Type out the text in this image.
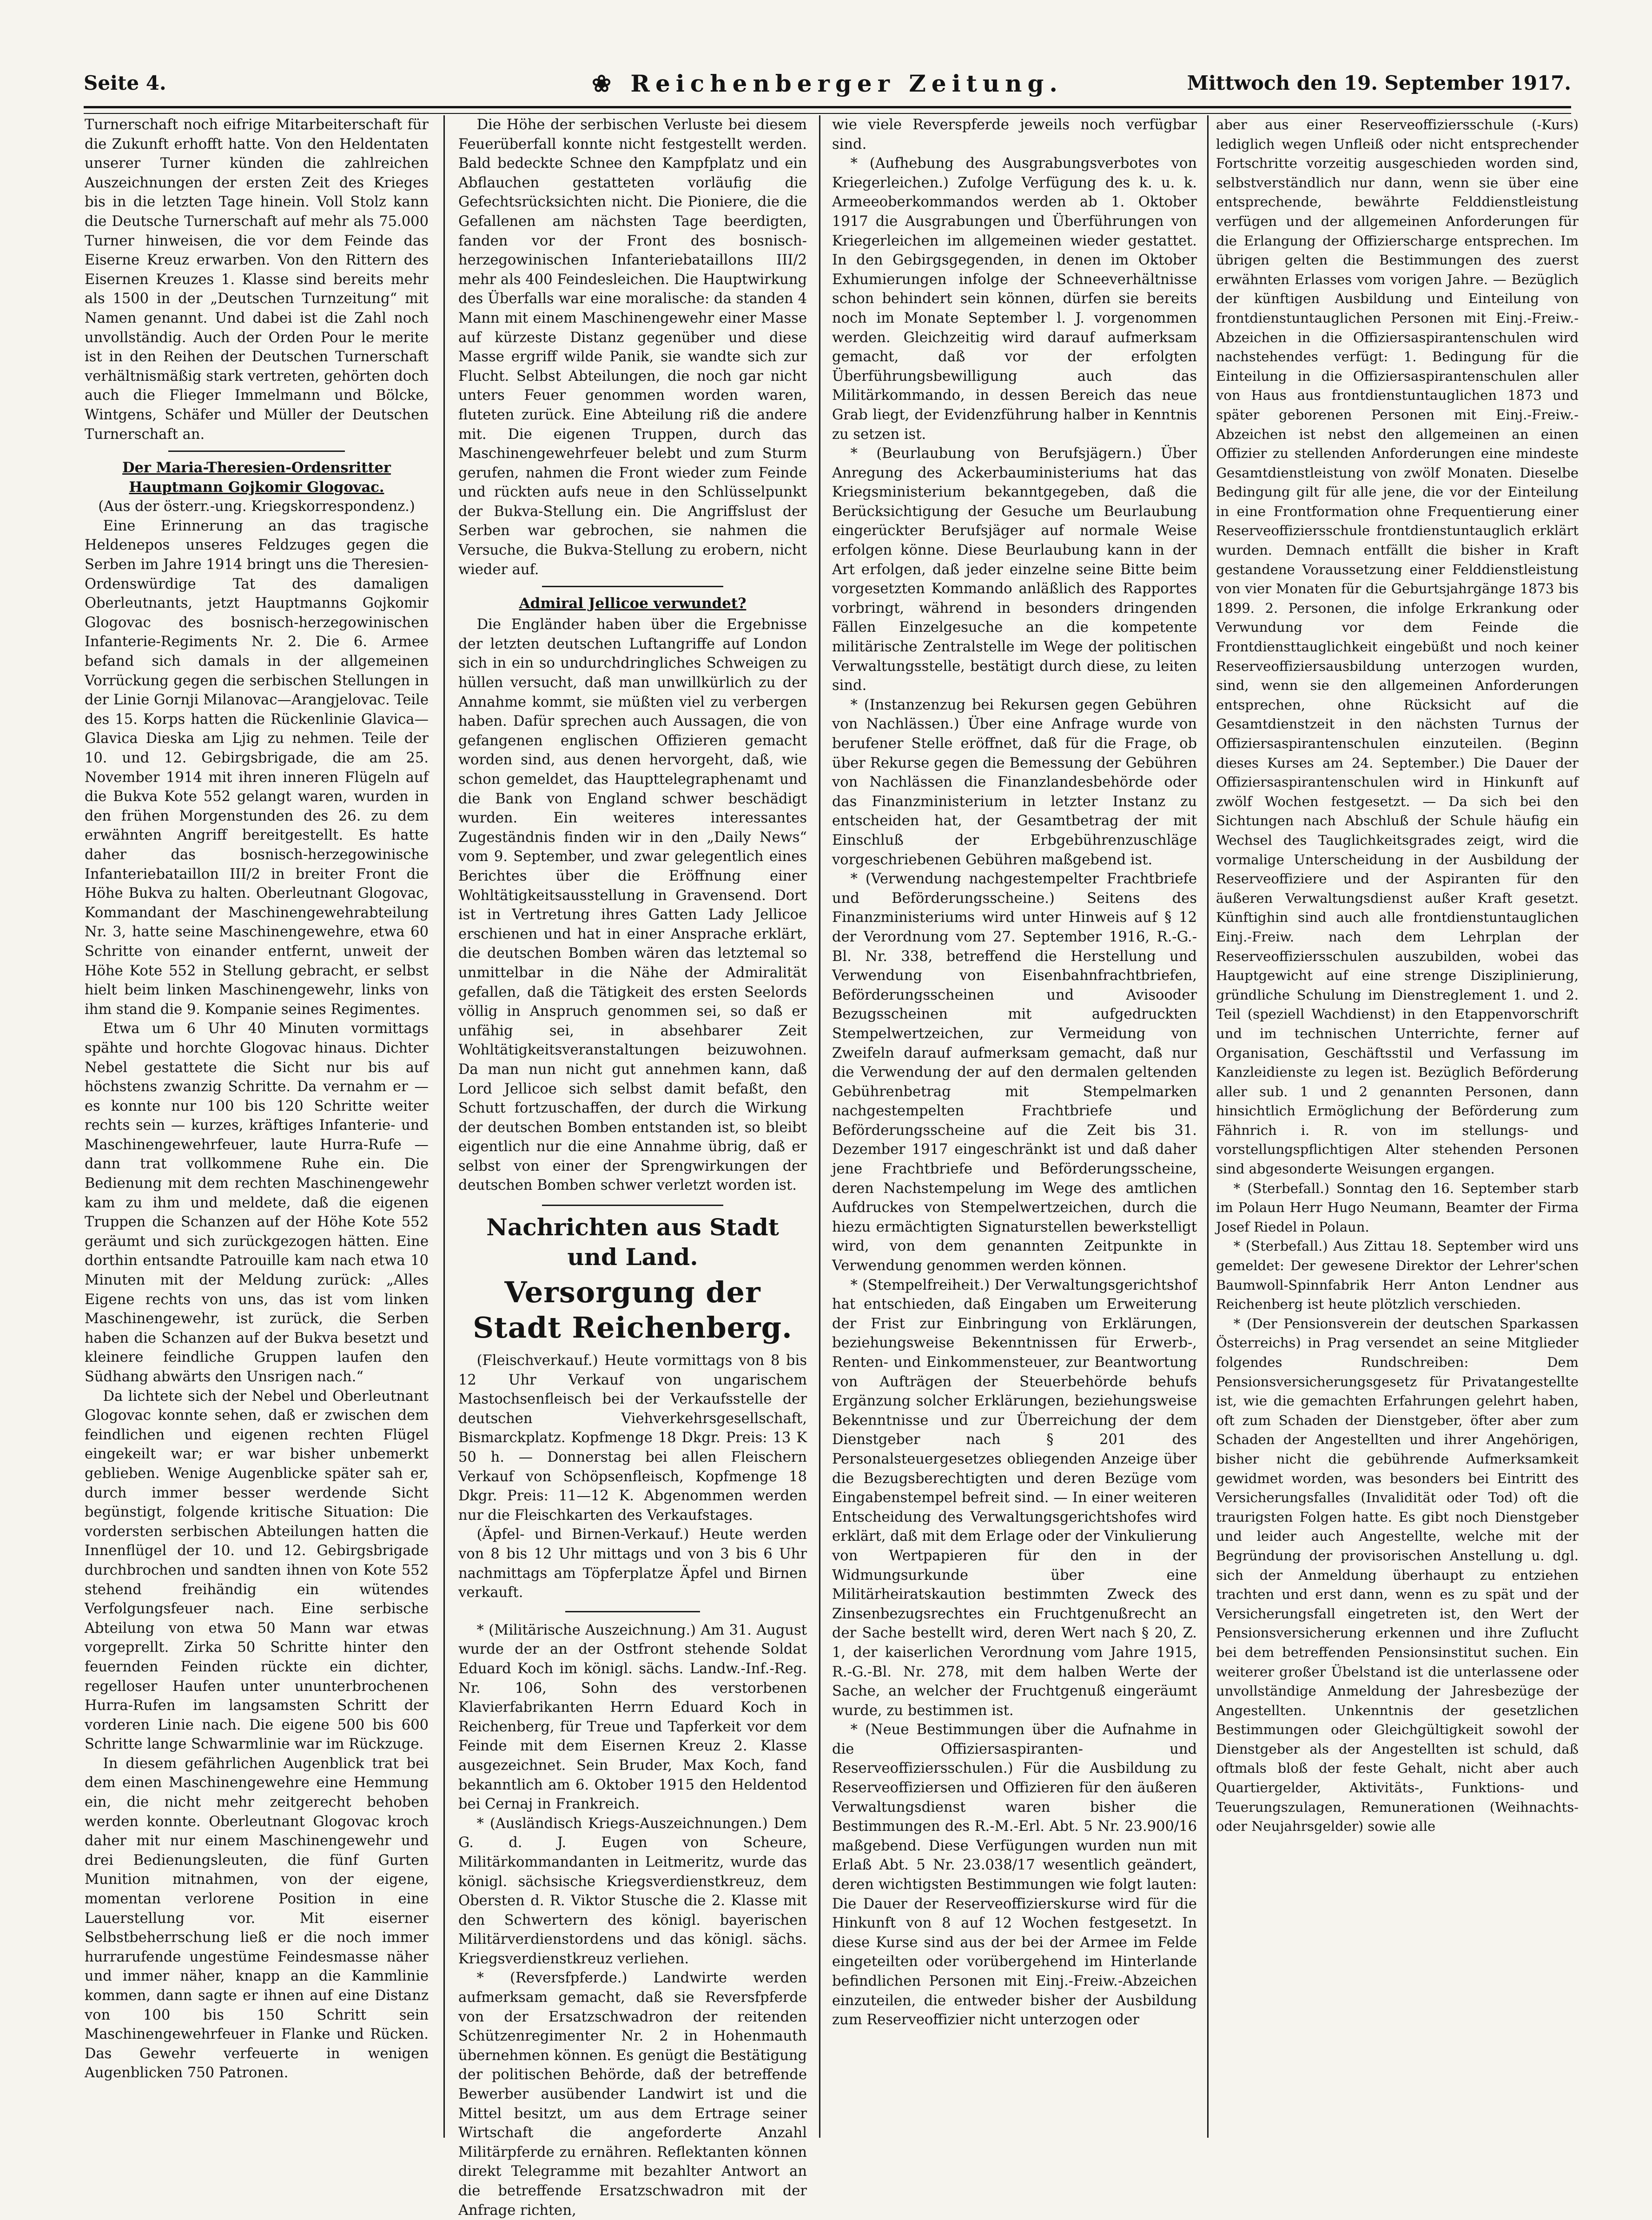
Seite 4.	❀ Reichenberger Zeitung.	Mittwoch den 19. September 1917.

Turnerschaft noch eifrige Mitarbeiterschaft für die Zukunft erhofft hatte. Von den Heldentaten unserer Turner künden die zahlreichen Auszeichnungen der ersten Zeit des Krieges bis in die letzten Tage hinein. Voll Stolz kann die Deutsche Turnerschaft auf mehr als 75.000 Turner hinweisen, die vor dem Feinde das Eiserne Kreuz erwarben. Von den Rittern des Eisernen Kreuzes 1. Klasse sind bereits mehr als 1500 in der „Deutschen Turnzeitung“ mit Namen genannt. Und dabei ist die Zahl noch unvollständig. Auch der Orden Pour le merite ist in den Reihen der Deutschen Turnerschaft verhältnismäßig stark vertreten, gehörten doch auch die Flieger Immelmann und Bölcke, Wintgens, Schäfer und Müller der Deutschen Turnerschaft an.

Der Maria-Theresien-Ordensritter Hauptmann Gojkomir Glogovac.

(Aus der österr.-ung. Kriegskorrespondenz.)

Eine Erinnerung an das tragische Heldenepos unseres Feldzuges gegen die Serben im Jahre 1914 bringt uns die Theresien-Ordenswürdige Tat des damaligen Oberleutnants, jetzt Hauptmanns Gojkomir Glogovac des bosnisch-herzegowinischen Infanterie-Regiments Nr. 2. Die 6. Armee befand sich damals in der allgemeinen Vorrückung gegen die serbischen Stellungen in der Linie Gornji Milanovac—Arangjelovac. Teile des 15. Korps hatten die Rückenlinie Glavica—Glavica Dieska am Ljig zu nehmen. Teile der 10. und 12. Gebirgsbrigade, die am 25. November 1914 mit ihren inneren Flügeln auf die Bukva Kote 552 gelangt waren, wurden in den frühen Morgenstunden des 26. zu dem erwähnten Angriff bereitgestellt. Es hatte daher das bosnisch-herzegowinische Infanteriebataillon III/2 in breiter Front die Höhe Bukva zu halten. Oberleutnant Glogovac, Kommandant der Maschinengewehrabteilung Nr. 3, hatte seine Maschinengewehre, etwa 60 Schritte von einander entfernt, unweit der Höhe Kote 552 in Stellung gebracht, er selbst hielt beim linken Maschinengewehr, links von ihm stand die 9. Kompanie seines Regimentes.

Etwa um 6 Uhr 40 Minuten vormittags spähte und horchte Glogovac hinaus. Dichter Nebel gestattete die Sicht nur bis auf höchstens zwanzig Schritte. Da vernahm er — es konnte nur 100 bis 120 Schritte weiter rechts sein — kurzes, kräftiges Infanterie- und Maschinengewehrfeuer, laute Hurra-Rufe — dann trat vollkommene Ruhe ein. Die Bedienung mit dem rechten Maschinengewehr kam zu ihm und meldete, daß die eigenen Truppen die Schanzen auf der Höhe Kote 552 geräumt und sich zurückgezogen hätten. Eine dorthin entsandte Patrouille kam nach etwa 10 Minuten mit der Meldung zurück: „Alles Eigene rechts von uns, das ist vom linken Maschinengewehr, ist zurück, die Serben haben die Schanzen auf der Bukva besetzt und kleinere feindliche Gruppen laufen den Südhang abwärts den Unsrigen nach.“

Da lichtete sich der Nebel und Oberleutnant Glogovac konnte sehen, daß er zwischen dem feindlichen und eigenen rechten Flügel eingekeilt war; er war bisher unbemerkt geblieben. Wenige Augenblicke später sah er, durch immer besser werdende Sicht begünstigt, folgende kritische Situation: Die vordersten serbischen Abteilungen hatten die Innenflügel der 10. und 12. Gebirgsbrigade durchbrochen und sandten ihnen von Kote 552 stehend freihändig ein wütendes Verfolgungsfeuer nach. Eine serbische Abteilung von etwa 50 Mann war etwas vorgeprellt. Zirka 50 Schritte hinter den feuernden Feinden rückte ein dichter, regelloser Haufen unter ununterbrochenen Hurra-Rufen im langsamsten Schritt der vorderen Linie nach. Die eigene 500 bis 600 Schritte lange Schwarmlinie war im Rückzuge.

In diesem gefährlichen Augenblick trat bei dem einen Maschinengewehre eine Hemmung ein, die nicht mehr zeitgerecht behoben werden konnte. Oberleutnant Glogovac kroch daher mit nur einem Maschinengewehr und drei Bedienungsleuten, die fünf Gurten Munition mitnahmen, von der eigene, momentan verlorene Position in eine Lauerstellung vor. Mit eiserner Selbstbeherrschung ließ er die noch immer hurrarufende ungestüme Feindesmasse näher und immer näher, knapp an die Kammlinie kommen, dann sagte er ihnen auf eine Distanz von 100 bis 150 Schritt sein Maschinengewehrfeuer in Flanke und Rücken. Das Gewehr verfeuerte in wenigen Augenblicken 750 Patronen.

Die Höhe der serbischen Verluste bei diesem Feuerüberfall konnte nicht festgestellt werden. Bald bedeckte Schnee den Kampfplatz und ein Abflauchen gestatteten vorläufig die Gefechtsrücksichten nicht. Die Pioniere, die die Gefallenen am nächsten Tage beerdigten, fanden vor der Front des bosnisch-herzegowinischen Infanteriebataillons III/2 mehr als 400 Feindesleichen. Die Hauptwirkung des Überfalls war eine moralische: da standen 4 Mann mit einem Maschinengewehr einer Masse auf kürzeste Distanz gegenüber und diese Masse ergriff wilde Panik, sie wandte sich zur Flucht. Selbst Abteilungen, die noch gar nicht unters Feuer genommen worden waren, fluteten zurück. Eine Abteilung riß die andere mit. Die eigenen Truppen, durch das Maschinengewehrfeuer belebt und zum Sturm gerufen, nahmen die Front wieder zum Feinde und rückten aufs neue in den Schlüsselpunkt der Bukva-Stellung ein. Die Angriffslust der Serben war gebrochen, sie nahmen die Versuche, die Bukva-Stellung zu erobern, nicht wieder auf.

Admiral Jellicoe verwundet?

Die Engländer haben über die Ergebnisse der letzten deutschen Luftangriffe auf London sich in ein so undurchdringliches Schweigen zu hüllen versucht, daß man unwillkürlich zu der Annahme kommt, sie müßten viel zu verbergen haben. Dafür sprechen auch Aussagen, die von gefangenen englischen Offizieren gemacht worden sind, aus denen hervorgeht, daß, wie schon gemeldet, das Haupttelegraphenamt und die Bank von England schwer beschädigt wurden. Ein weiteres interessantes Zugeständnis finden wir in den „Daily News“ vom 9. September, und zwar gelegentlich eines Berichtes über die Eröffnung einer Wohltätigkeitsausstellung in Gravensend. Dort ist in Vertretung ihres Gatten Lady Jellicoe erschienen und hat in einer Ansprache erklärt, die deutschen Bomben wären das letztemal so unmittelbar in die Nähe der Admiralität gefallen, daß die Tätigkeit des ersten Seelords völlig in Anspruch genommen sei, so daß er unfähig sei, in absehbarer Zeit Wohltätigkeitsveranstaltungen beizuwohnen. Da man nun nicht gut annehmen kann, daß Lord Jellicoe sich selbst damit befaßt, den Schutt fortzuschaffen, der durch die Wirkung der deutschen Bomben entstanden ist, so bleibt eigentlich nur die eine Annahme übrig, daß er selbst von einer der Sprengwirkungen der deutschen Bomben schwer verletzt worden ist.

Nachrichten aus Stadt und Land.
Versorgung der Stadt Reichenberg.

(Fleischverkauf.) Heute vormittags von 8 bis 12 Uhr Verkauf von ungarischem Mastochsenfleisch bei der Verkaufsstelle der deutschen Viehverkehrsgesellschaft, Bismarckplatz. Kopfmenge 18 Dkgr. Preis: 13 K 50 h. — Donnerstag bei allen Fleischern Verkauf von Schöpsenfleisch, Kopfmenge 18 Dkgr. Preis: 11—12 K. Abgenommen werden nur die Fleischkarten des Verkaufstages.

(Äpfel- und Birnen-Verkauf.) Heute werden von 8 bis 12 Uhr mittags und von 3 bis 6 Uhr nachmittags am Töpferplatze Äpfel und Birnen verkauft.

* (Militärische Auszeichnung.) Am 31. August wurde der an der Ostfront stehende Soldat Eduard Koch im königl. sächs. Landw.-Inf.-Reg. Nr. 106, Sohn des verstorbenen Klavierfabrikanten Herrn Eduard Koch in Reichenberg, für Treue und Tapferkeit vor dem Feinde mit dem Eisernen Kreuz 2. Klasse ausgezeichnet. Sein Bruder, Max Koch, fand bekanntlich am 6. Oktober 1915 den Heldentod bei Cernaj in Frankreich.

* (Ausländisch Kriegs-Auszeichnungen.) Dem G. d. J. Eugen von Scheure, Militärkommandanten in Leitmeritz, wurde das königl. sächsische Kriegsverdienstkreuz, dem Obersten d. R. Viktor Stusche die 2. Klasse mit den Schwertern des königl. bayerischen Militärverdienstordens und das königl. sächs. Kriegsverdienstkreuz verliehen.

* (Reversfpferde.) Landwirte werden aufmerksam gemacht, daß sie Reversfpferde von der Ersatzschwadron der reitenden Schützenregimenter Nr. 2 in Hohenmauth übernehmen können. Es genügt die Bestätigung der politischen Behörde, daß der betreffende Bewerber ausübender Landwirt ist und die Mittel besitzt, um aus dem Ertrage seiner Wirtschaft die angeforderte Anzahl Militärpferde zu ernähren. Reflektanten können direkt Telegramme mit bezahlter Antwort an die betreffende Ersatzschwadron mit der Anfrage richten,

wie viele Reverspferde jeweils noch verfügbar sind.

* (Aufhebung des Ausgrabungsverbotes von Kriegerleichen.) Zufolge Verfügung des k. u. k. Armeeoberkommandos werden ab 1. Oktober 1917 die Ausgrabungen und Überführungen von Kriegerleichen im allgemeinen wieder gestattet. In den Gebirgsgegenden, in denen im Oktober Exhumierungen infolge der Schneeverhältnisse schon behindert sein können, dürfen sie bereits noch im Monate September l. J. vorgenommen werden. Gleichzeitig wird darauf aufmerksam gemacht, daß vor der erfolgten Überführungsbewilligung auch das Militärkommando, in dessen Bereich das neue Grab liegt, der Evidenzführung halber in Kenntnis zu setzen ist.

* (Beurlaubung von Berufsjägern.) Über Anregung des Ackerbauministeriums hat das Kriegsministerium bekanntgegeben, daß die Berücksichtigung der Gesuche um Beurlaubung eingerückter Berufsjäger auf normale Weise erfolgen könne. Diese Beurlaubung kann in der Art erfolgen, daß jeder einzelne seine Bitte beim vorgesetzten Kommando anläßlich des Rapportes vorbringt, während in besonders dringenden Fällen Einzelgesuche an die kompetente militärische Zentralstelle im Wege der politischen Verwaltungsstelle, bestätigt durch diese, zu leiten sind.

* (Instanzenzug bei Rekursen gegen Gebühren von Nachlässen.) Über eine Anfrage wurde von berufener Stelle eröffnet, daß für die Frage, ob über Rekurse gegen die Bemessung der Gebühren von Nachlässen die Finanzlandesbehörde oder das Finanzministerium in letzter Instanz zu entscheiden hat, der Gesamtbetrag der mit Einschluß der Erbgebührenzuschläge vorgeschriebenen Gebühren maßgebend ist.

* (Verwendung nachgestempelter Frachtbriefe und Beförderungsscheine.) Seitens des Finanzministeriums wird unter Hinweis auf § 12 der Verordnung vom 27. September 1916, R.-G.-Bl. Nr. 338, betreffend die Herstellung und Verwendung von Eisenbahnfrachtbriefen, Beförderungsscheinen und Avisooder Bezugsscheinen mit aufgedruckten Stempelwertzeichen, zur Vermeidung von Zweifeln darauf aufmerksam gemacht, daß nur die Verwendung der auf den dermalen geltenden Gebührenbetrag mit Stempelmarken nachgestempelten Frachtbriefe und Beförderungsscheine auf die Zeit bis 31. Dezember 1917 eingeschränkt ist und daß daher jene Frachtbriefe und Beförderungsscheine, deren Nachstempelung im Wege des amtlichen Aufdruckes von Stempelwertzeichen, durch die hiezu ermächtigten Signaturstellen bewerkstelligt wird, von dem genannten Zeitpunkte in Verwendung genommen werden können.

* (Stempelfreiheit.) Der Verwaltungsgerichtshof hat entschieden, daß Eingaben um Erweiterung der Frist zur Einbringung von Erklärungen, beziehungsweise Bekenntnissen für Erwerb-, Renten- und Einkommensteuer, zur Beantwortung von Aufträgen der Steuerbehörde behufs Ergänzung solcher Erklärungen, beziehungsweise Bekenntnisse und zur Überreichung der dem Dienstgeber nach § 201 des Personalsteuergesetzes obliegenden Anzeige über die Bezugsberechtigten und deren Bezüge vom Eingabenstempel befreit sind. — In einer weiteren Entscheidung des Verwaltungsgerichtshofes wird erklärt, daß mit dem Erlage oder der Vinkulierung von Wertpapieren für den in der Widmungsurkunde über eine Militärheiratskaution bestimmten Zweck des Zinsenbezugsrechtes ein Fruchtgenußrecht an der Sache bestellt wird, deren Wert nach § 20, Z. 1, der kaiserlichen Verordnung vom Jahre 1915, R.-G.-Bl. Nr. 278, mit dem halben Werte der Sache, an welcher der Fruchtgenuß eingeräumt wurde, zu bestimmen ist.

* (Neue Bestimmungen über die Aufnahme in die Offiziersaspiranten- und Reserveoffiziersschulen.) Für die Ausbildung zu Reserveoffiziersen und Offizieren für den äußeren Verwaltungsdienst waren bisher die Bestimmungen des R.-M.-Erl. Abt. 5 Nr. 23.900/16 maßgebend. Diese Verfügungen wurden nun mit Erlaß Abt. 5 Nr. 23.038/17 wesentlich geändert, deren wichtigsten Bestimmungen wie folgt lauten: Die Dauer der Reserveoffizierskurse wird für die Hinkunft von 8 auf 12 Wochen festgesetzt. In diese Kurse sind aus der bei der Armee im Felde eingeteilten oder vorübergehend im Hinterlande befindlichen Personen mit Einj.-Freiw.-Abzeichen einzuteilen, die entweder bisher der Ausbildung zum Reserveoffizier nicht unterzogen oder

aber aus einer Reserveoffiziersschule (-Kurs) lediglich wegen Unfleiß oder nicht entsprechender Fortschritte vorzeitig ausgeschieden worden sind, selbstverständlich nur dann, wenn sie über eine entsprechende, bewährte Felddienstleistung verfügen und der allgemeinen Anforderungen für die Erlangung der Offizierscharge entsprechen. Im übrigen gelten die Bestimmungen des zuerst erwähnten Erlasses vom vorigen Jahre. — Bezüglich der künftigen Ausbildung und Einteilung von frontdienstuntauglichen Personen mit Einj.-Freiw.-Abzeichen in die Offiziersaspirantenschulen wird nachstehendes verfügt: 1. Bedingung für die Einteilung in die Offiziersaspirantenschulen aller von Haus aus frontdienstuntauglichen 1873 und später geborenen Personen mit Einj.-Freiw.-Abzeichen ist nebst den allgemeinen an einen Offizier zu stellenden Anforderungen eine mindeste Gesamtdienstleistung von zwölf Monaten. Dieselbe Bedingung gilt für alle jene, die vor der Einteilung in eine Frontformation ohne Frequentierung einer Reserveoffiziersschule frontdienstuntauglich erklärt wurden. Demnach entfällt die bisher in Kraft gestandene Voraussetzung einer Felddienstleistung von vier Monaten für die Geburtsjahrgänge 1873 bis 1899. 2. Personen, die infolge Erkrankung oder Verwundung vor dem Feinde die Frontdiensttauglichkeit eingebüßt und noch keiner Reserveoffiziersausbildung unterzogen wurden, sind, wenn sie den allgemeinen Anforderungen entsprechen, ohne Rücksicht auf die Gesamtdienstzeit in den nächsten Turnus der Offiziersaspirantenschulen einzuteilen. (Beginn dieses Kurses am 24. September.) Die Dauer der Offiziersaspirantenschulen wird in Hinkunft auf zwölf Wochen festgesetzt. — Da sich bei den Sichtungen nach Abschluß der Schule häufig ein Wechsel des Tauglichkeitsgrades zeigt, wird die vormalige Unterscheidung in der Ausbildung der Reserveoffiziere und der Aspiranten für den äußeren Verwaltungsdienst außer Kraft gesetzt. Künftighin sind auch alle frontdienstuntauglichen Einj.-Freiw. nach dem Lehrplan der Reserveoffiziersschulen auszubilden, wobei das Hauptgewicht auf eine strenge Disziplinierung, gründliche Schulung im Dienstreglement 1. und 2. Teil (speziell Wachdienst) in den Etappenvorschrift und im technischen Unterrichte, ferner auf Organisation, Geschäftsstil und Verfassung im Kanzleidienste zu legen ist. Bezüglich Beförderung aller sub. 1 und 2 genannten Personen, dann hinsichtlich Ermöglichung der Beförderung zum Fähnrich i. R. von im stellungs- und vorstellungspflichtigen Alter stehenden Personen sind abgesonderte Weisungen ergangen.

* (Sterbefall.) Sonntag den 16. September starb im Polaun Herr Hugo Neumann, Beamter der Firma Josef Riedel in Polaun.

* (Sterbefall.) Aus Zittau 18. September wird uns gemeldet: Der gewesene Direktor der Lehrer'schen Baumwoll-Spinnfabrik Herr Anton Lendner aus Reichenberg ist heute plötzlich verschieden.

* (Der Pensionsverein der deutschen Sparkassen Österreichs) in Prag versendet an seine Mitglieder folgendes Rundschreiben: Dem Pensionsversicherungsgesetz für Privatangestellte ist, wie die gemachten Erfahrungen gelehrt haben, oft zum Schaden der Dienstgeber, öfter aber zum Schaden der Angestellten und ihrer Angehörigen, bisher nicht die gebührende Aufmerksamkeit gewidmet worden, was besonders bei Eintritt des Versicherungsfalles (Invalidität oder Tod) oft die traurigsten Folgen hatte. Es gibt noch Dienstgeber und leider auch Angestellte, welche mit der Begründung der provisorischen Anstellung u. dgl. sich der Anmeldung überhaupt zu entziehen trachten und erst dann, wenn es zu spät und der Versicherungsfall eingetreten ist, den Wert der Pensionsversicherung erkennen und ihre Zuflucht bei dem betreffenden Pensionsinstitut suchen. Ein weiterer großer Übelstand ist die unterlassene oder unvollständige Anmeldung der Jahresbezüge der Angestellten. Unkenntnis der gesetzlichen Bestimmungen oder Gleichgültigkeit sowohl der Dienstgeber als der Angestellten ist schuld, daß oftmals bloß der feste Gehalt, nicht aber auch Quartiergelder, Aktivitäts-, Funktions- und Teuerungszulagen, Remunerationen (Weihnachts- oder Neujahrsgelder) sowie alle
